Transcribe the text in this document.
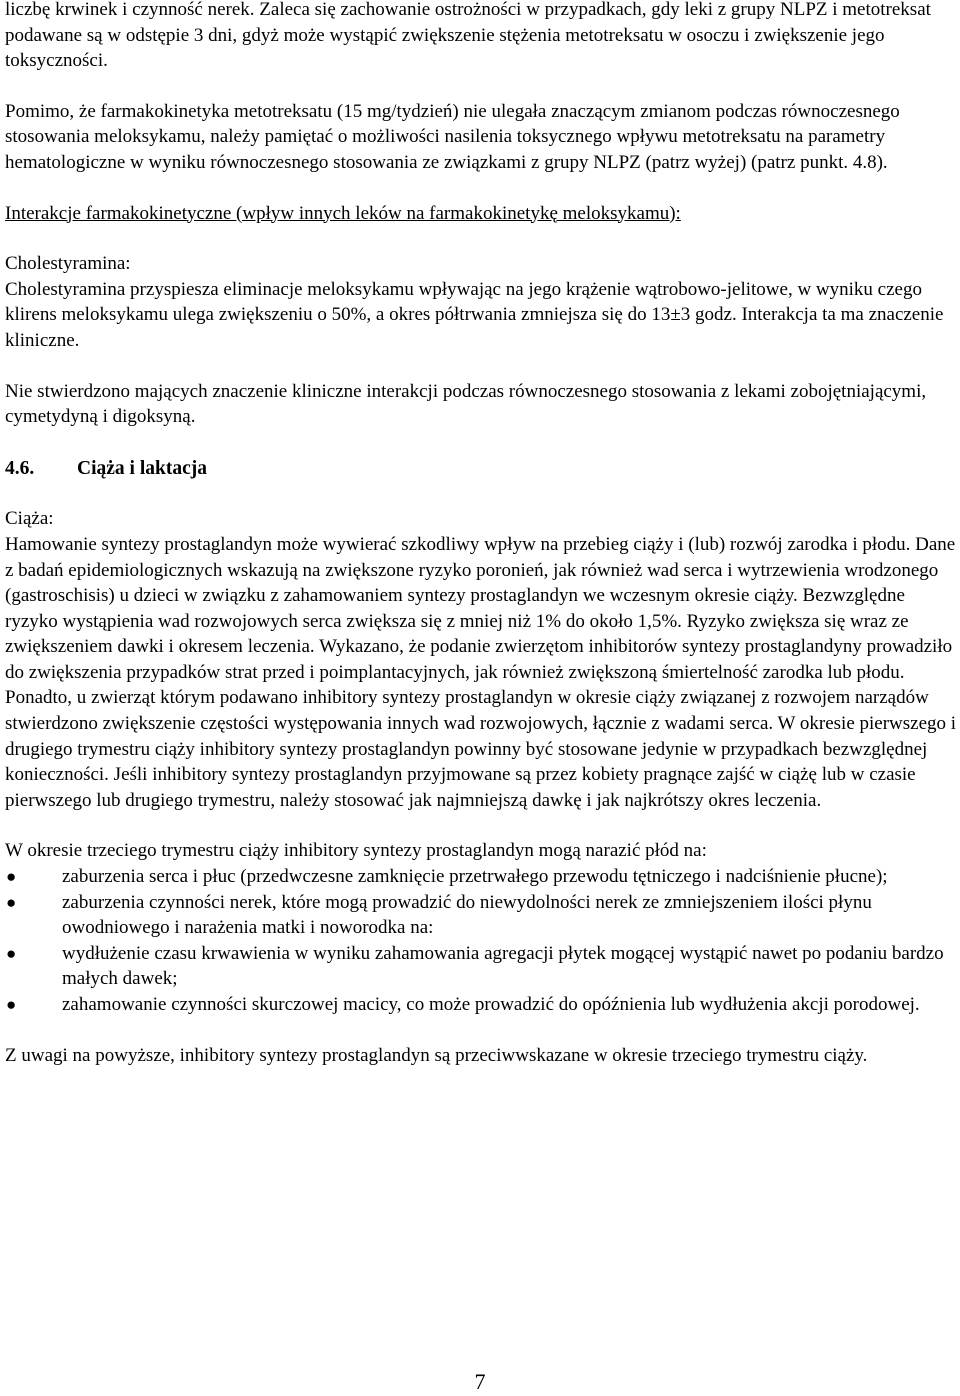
liczbę krwinek i czynność nerek. Zaleca się zachowanie ostrożności w przypadkach, gdy leki z grupy NLPZ i metotreksat podawane są w odstępie 3 dni, gdyż może wystąpić zwiększenie stężenia metotreksatu w osoczu i zwiększenie jego toksyczności.

Pomimo, że farmakokinetyka metotreksatu (15 mg/tydzień) nie ulegała znaczącym zmianom podczas równoczesnego stosowania meloksykamu, należy pamiętać o możliwości nasilenia toksycznego wpływu metotreksatu na parametry hematologiczne w wyniku równoczesnego stosowania ze związkami z grupy NLPZ (patrz wyżej) (patrz punkt. 4.8).

Interakcje farmakokinetyczne (wpływ innych leków na farmakokinetykę meloksykamu):

Cholestyramina:

Cholestyramina przyspiesza eliminacje meloksykamu wpływając na jego krążenie wątrobowo-jelitowe, w wyniku czego klirens meloksykamu ulega zwiększeniu o 50%, a okres półtrwania zmniejsza się do 13±3 godz. Interakcja ta ma znaczenie kliniczne.

Nie stwierdzono mających znaczenie kliniczne interakcji podczas równoczesnego stosowania z lekami zobojętniającymi, cymetydyną i digoksyną.

4.6.	Ciąża i laktacja

Ciąża:

Hamowanie syntezy prostaglandyn może wywierać szkodliwy wpływ na przebieg ciąży i (lub) rozwój zarodka i płodu. Dane z badań epidemiologicznych wskazują na zwiększone ryzyko poronień, jak również wad serca i wytrzewienia wrodzonego (gastroschisis) u dzieci w związku z zahamowaniem syntezy prostaglandyn we wczesnym okresie ciąży. Bezwzględne ryzyko wystąpienia wad rozwojowych serca zwiększa się z mniej niż 1% do około 1,5%. Ryzyko zwiększa się wraz ze zwiększeniem dawki i okresem leczenia. Wykazano, że podanie zwierzętom inhibitorów syntezy prostaglandyny prowadziło do zwiększenia przypadków strat przed i poimplantacyjnych, jak również zwiększoną śmiertelność zarodka lub płodu. Ponadto, u zwierząt którym podawano inhibitory syntezy prostaglandyn w okresie ciąży związanej z rozwojem narządów stwierdzono zwiększenie częstości występowania innych wad rozwojowych, łącznie z wadami serca. W okresie pierwszego i drugiego trymestru ciąży inhibitory syntezy prostaglandyn powinny być stosowane jedynie w przypadkach bezwzględnej konieczności. Jeśli inhibitory syntezy prostaglandyn przyjmowane są przez kobiety pragnące zajść w ciążę lub w czasie pierwszego lub drugiego trymestru, należy stosować jak najmniejszą dawkę i jak najkrótszy okres leczenia.

W okresie trzeciego trymestru ciąży inhibitory syntezy prostaglandyn mogą narazić płód na:

● zaburzenia serca i płuc (przedwczesne zamknięcie przetrwałego przewodu tętniczego i nadciśnienie płucne);
● zaburzenia czynności nerek, które mogą prowadzić do niewydolności nerek ze zmniejszeniem ilości płynu owodniowego i narażenia matki i noworodka na:
● wydłużenie czasu krwawienia w wyniku zahamowania agregacji płytek mogącej wystąpić nawet po podaniu bardzo małych dawek;
● zahamowanie czynności skurczowej macicy, co może prowadzić do opóźnienia lub wydłużenia akcji porodowej.

Z uwagi na powyższe, inhibitory syntezy prostaglandyn są przeciwwskazane w okresie trzeciego trymestru ciąży.

7
